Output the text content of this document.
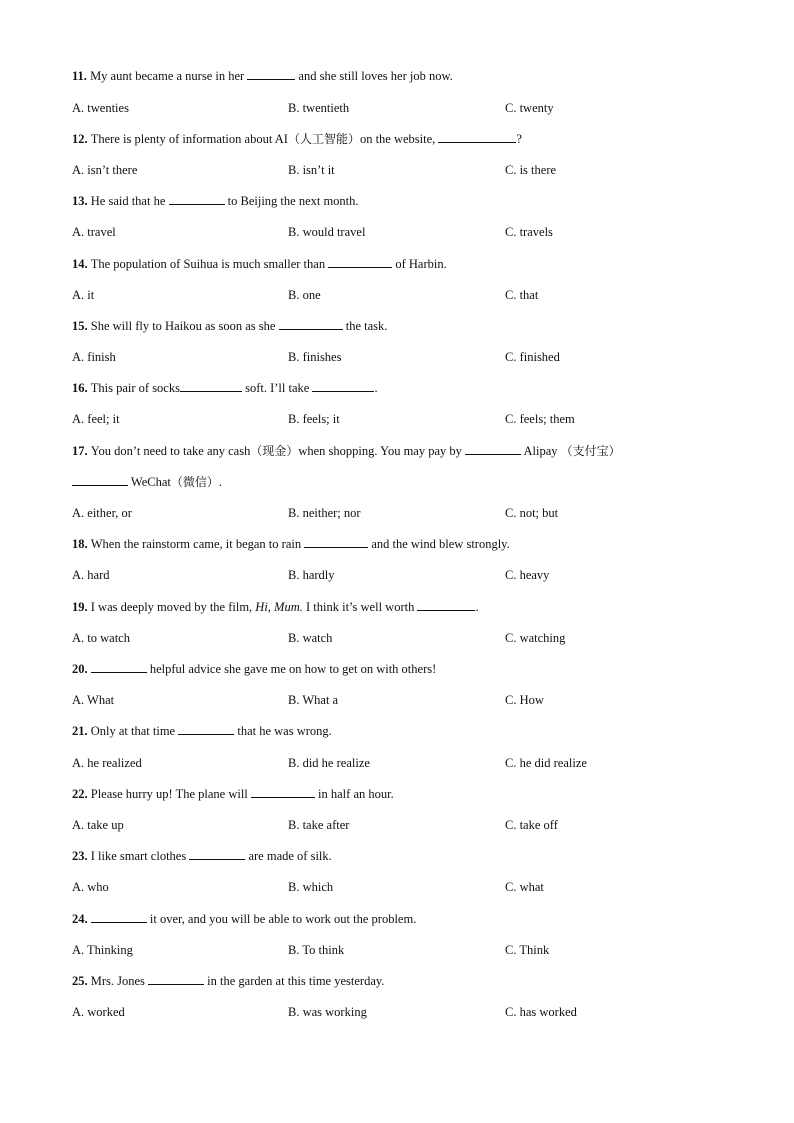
11. My aunt became a nurse in her	and she still loves her job now.
A. twenties	B. twentieth	C. twenty
12. There is plenty of information about AI（人工智能）on the website,	?
A. isn’t there	B. isn’t it	C. is there
13. He said that he	to Beijing the next month.
A. travel	B. would travel	C. travels
14. The population of Suihua is much smaller than	of Harbin.
A. it	B. one	C. that
15. She will fly to Haikou as soon as she	the task.
A. finish	B. finishes	C. finished
16. This pair of socks	soft. I’ll take	.
A. feel; it	B. feels; it	C. feels; them
17. You don’t need to take any cash（现金）when shopping. You may pay by	Alipay （支付宝）
WeChat（微信）.
A. either, or	B. neither; nor	C. not; but
18. When the rainstorm came, it began to rain	and the wind blew strongly.
A. hard	B. hardly	C. heavy
19. I was deeply moved by the film, Hi, Mum. I think it’s well worth	.
A. to watch	B. watch	C. watching
20.	helpful advice she gave me on how to get on with others!
A. What	B. What a	C. How
21. Only at that time	that he was wrong.
A. he realized	B. did he realize	C. he did realize
22. Please hurry up! The plane will	in half an hour.
A. take up	B. take after	C. take off
23. I like smart clothes	are made of silk.
A. who	B. which	C. what
24.	it over, and you will be able to work out the problem.
A. Thinking	B. To think	C. Think
25. Mrs. Jones	in the garden at this time yesterday.
A. worked	B. was working	C. has worked
